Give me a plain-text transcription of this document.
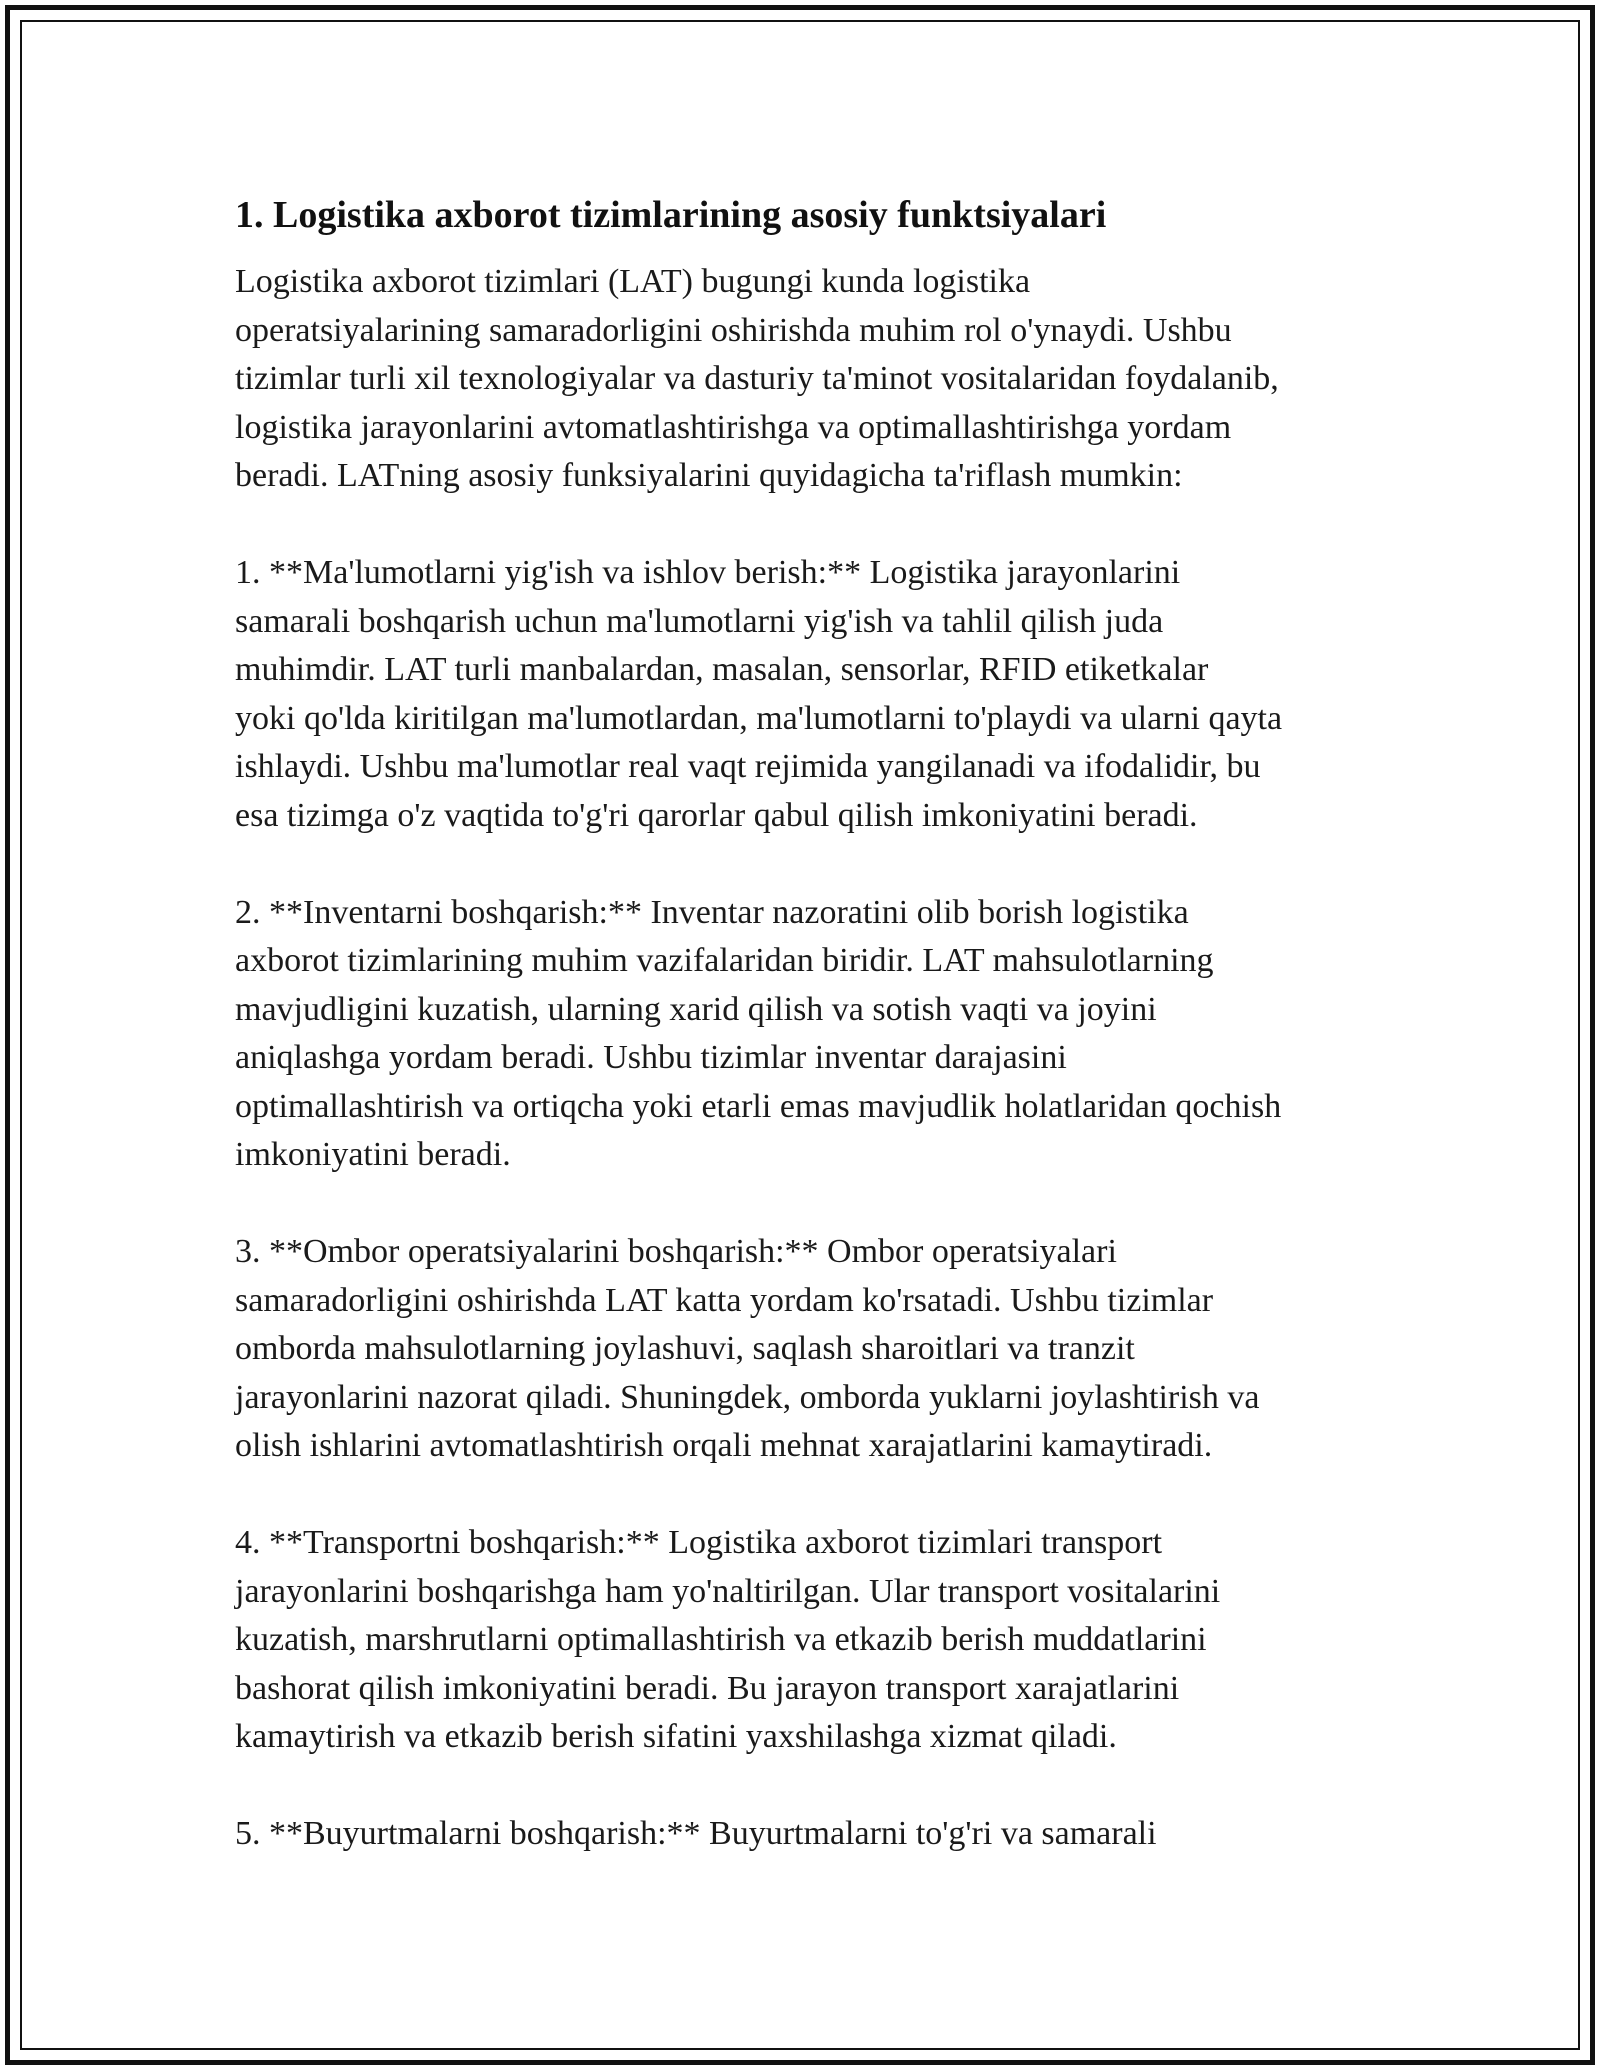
1. Logistika axborot tizimlarining asosiy funktsiyalari

Logistika axborot tizimlari (LAT) bugungi kunda logistika
operatsiyalarining samaradorligini oshirishda muhim rol o'ynaydi. Ushbu
tizimlar turli xil texnologiyalar va dasturiy ta'minot vositalaridan foydalanib,
logistika jarayonlarini avtomatlashtirishga va optimallashtirishga yordam
beradi. LATning asosiy funksiyalarini quyidagicha ta'riflash mumkin:

1. **Ma'lumotlarni yig'ish va ishlov berish:** Logistika jarayonlarini
samarali boshqarish uchun ma'lumotlarni yig'ish va tahlil qilish juda
muhimdir. LAT turli manbalardan, masalan, sensorlar, RFID etiketkalar
yoki qo'lda kiritilgan ma'lumotlardan, ma'lumotlarni to'playdi va ularni qayta
ishlaydi. Ushbu ma'lumotlar real vaqt rejimida yangilanadi va ifodalidir, bu
esa tizimga o'z vaqtida to'g'ri qarorlar qabul qilish imkoniyatini beradi.

2. **Inventarni boshqarish:** Inventar nazoratini olib borish logistika
axborot tizimlarining muhim vazifalaridan biridir. LAT mahsulotlarning
mavjudligini kuzatish, ularning xarid qilish va sotish vaqti va joyini
aniqlashga yordam beradi. Ushbu tizimlar inventar darajasini
optimallashtirish va ortiqcha yoki etarli emas mavjudlik holatlaridan qochish
imkoniyatini beradi.

3. **Ombor operatsiyalarini boshqarish:** Ombor operatsiyalari
samaradorligini oshirishda LAT katta yordam ko'rsatadi. Ushbu tizimlar
omborda mahsulotlarning joylashuvi, saqlash sharoitlari va tranzit
jarayonlarini nazorat qiladi. Shuningdek, omborda yuklarni joylashtirish va
olish ishlarini avtomatlashtirish orqali mehnat xarajatlarini kamaytiradi.

4. **Transportni boshqarish:** Logistika axborot tizimlari transport
jarayonlarini boshqarishga ham yo'naltirilgan. Ular transport vositalarini
kuzatish, marshrutlarni optimallashtirish va etkazib berish muddatlarini
bashorat qilish imkoniyatini beradi. Bu jarayon transport xarajatlarini
kamaytirish va etkazib berish sifatini yaxshilashga xizmat qiladi.

5. **Buyurtmalarni boshqarish:** Buyurtmalarni to'g'ri va samarali
